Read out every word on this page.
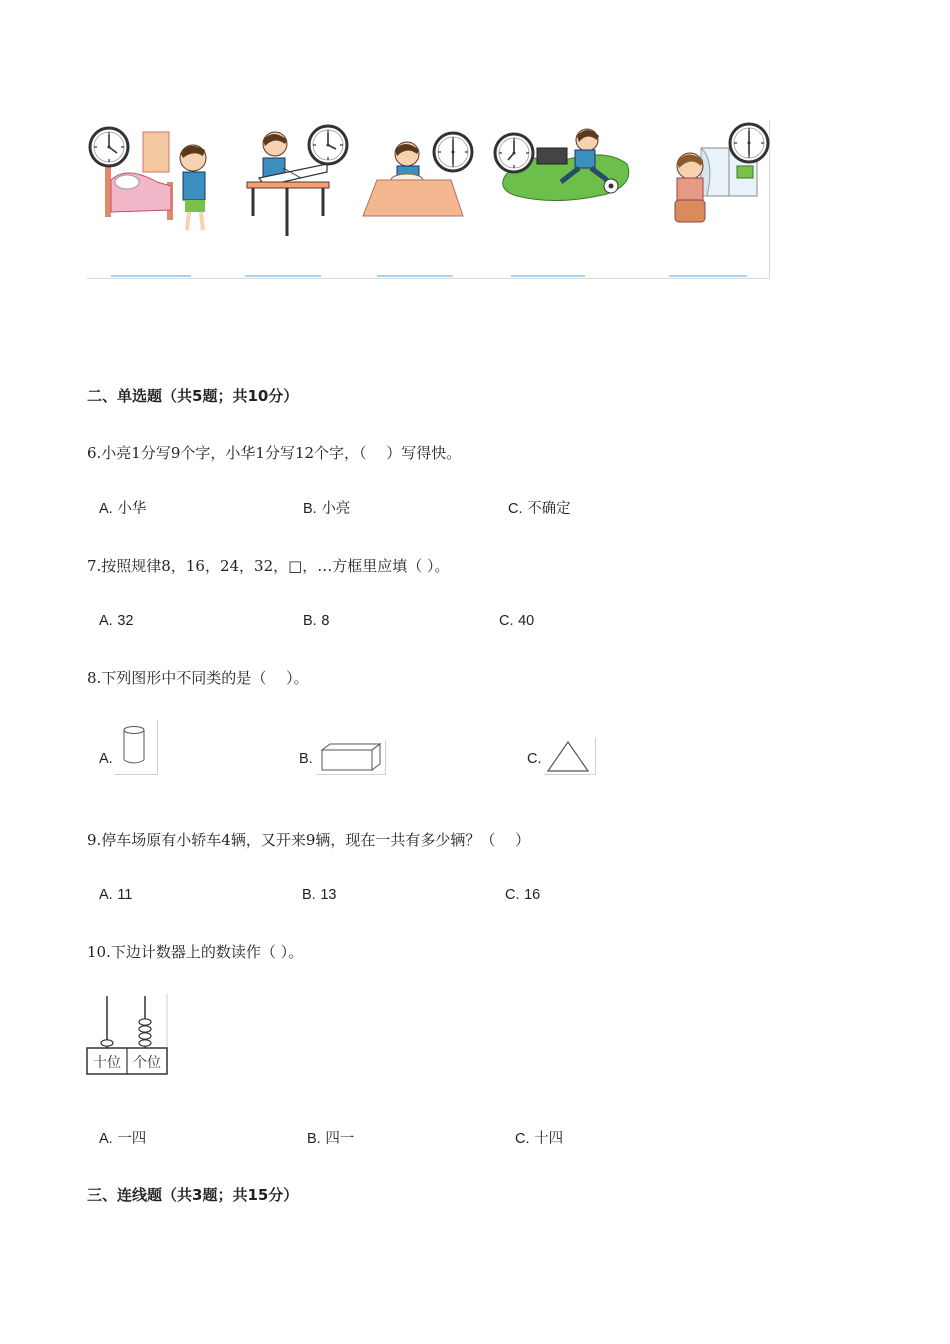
二、单选题（共5题；共10分）
6.小亮1分写9个字，小华1分写12个字，（　 ）写得快。
A. 小华	B. 小亮	C. 不确定
7.按照规律8，16，24，32，□，…方框里应填（ ）。
A. 32	B. 8	C. 40
8.下列图形中不同类的是（　 ）。
A.	B.	C.
9.停车场原有小轿车4辆，又开来9辆，现在一共有多少辆？（　 ）
A. 11	B. 13	C. 16
10.下边计数器上的数读作（ ）。
十位 个位
A. 一四	B. 四一	C. 十四
三、连线题（共3题；共15分）
